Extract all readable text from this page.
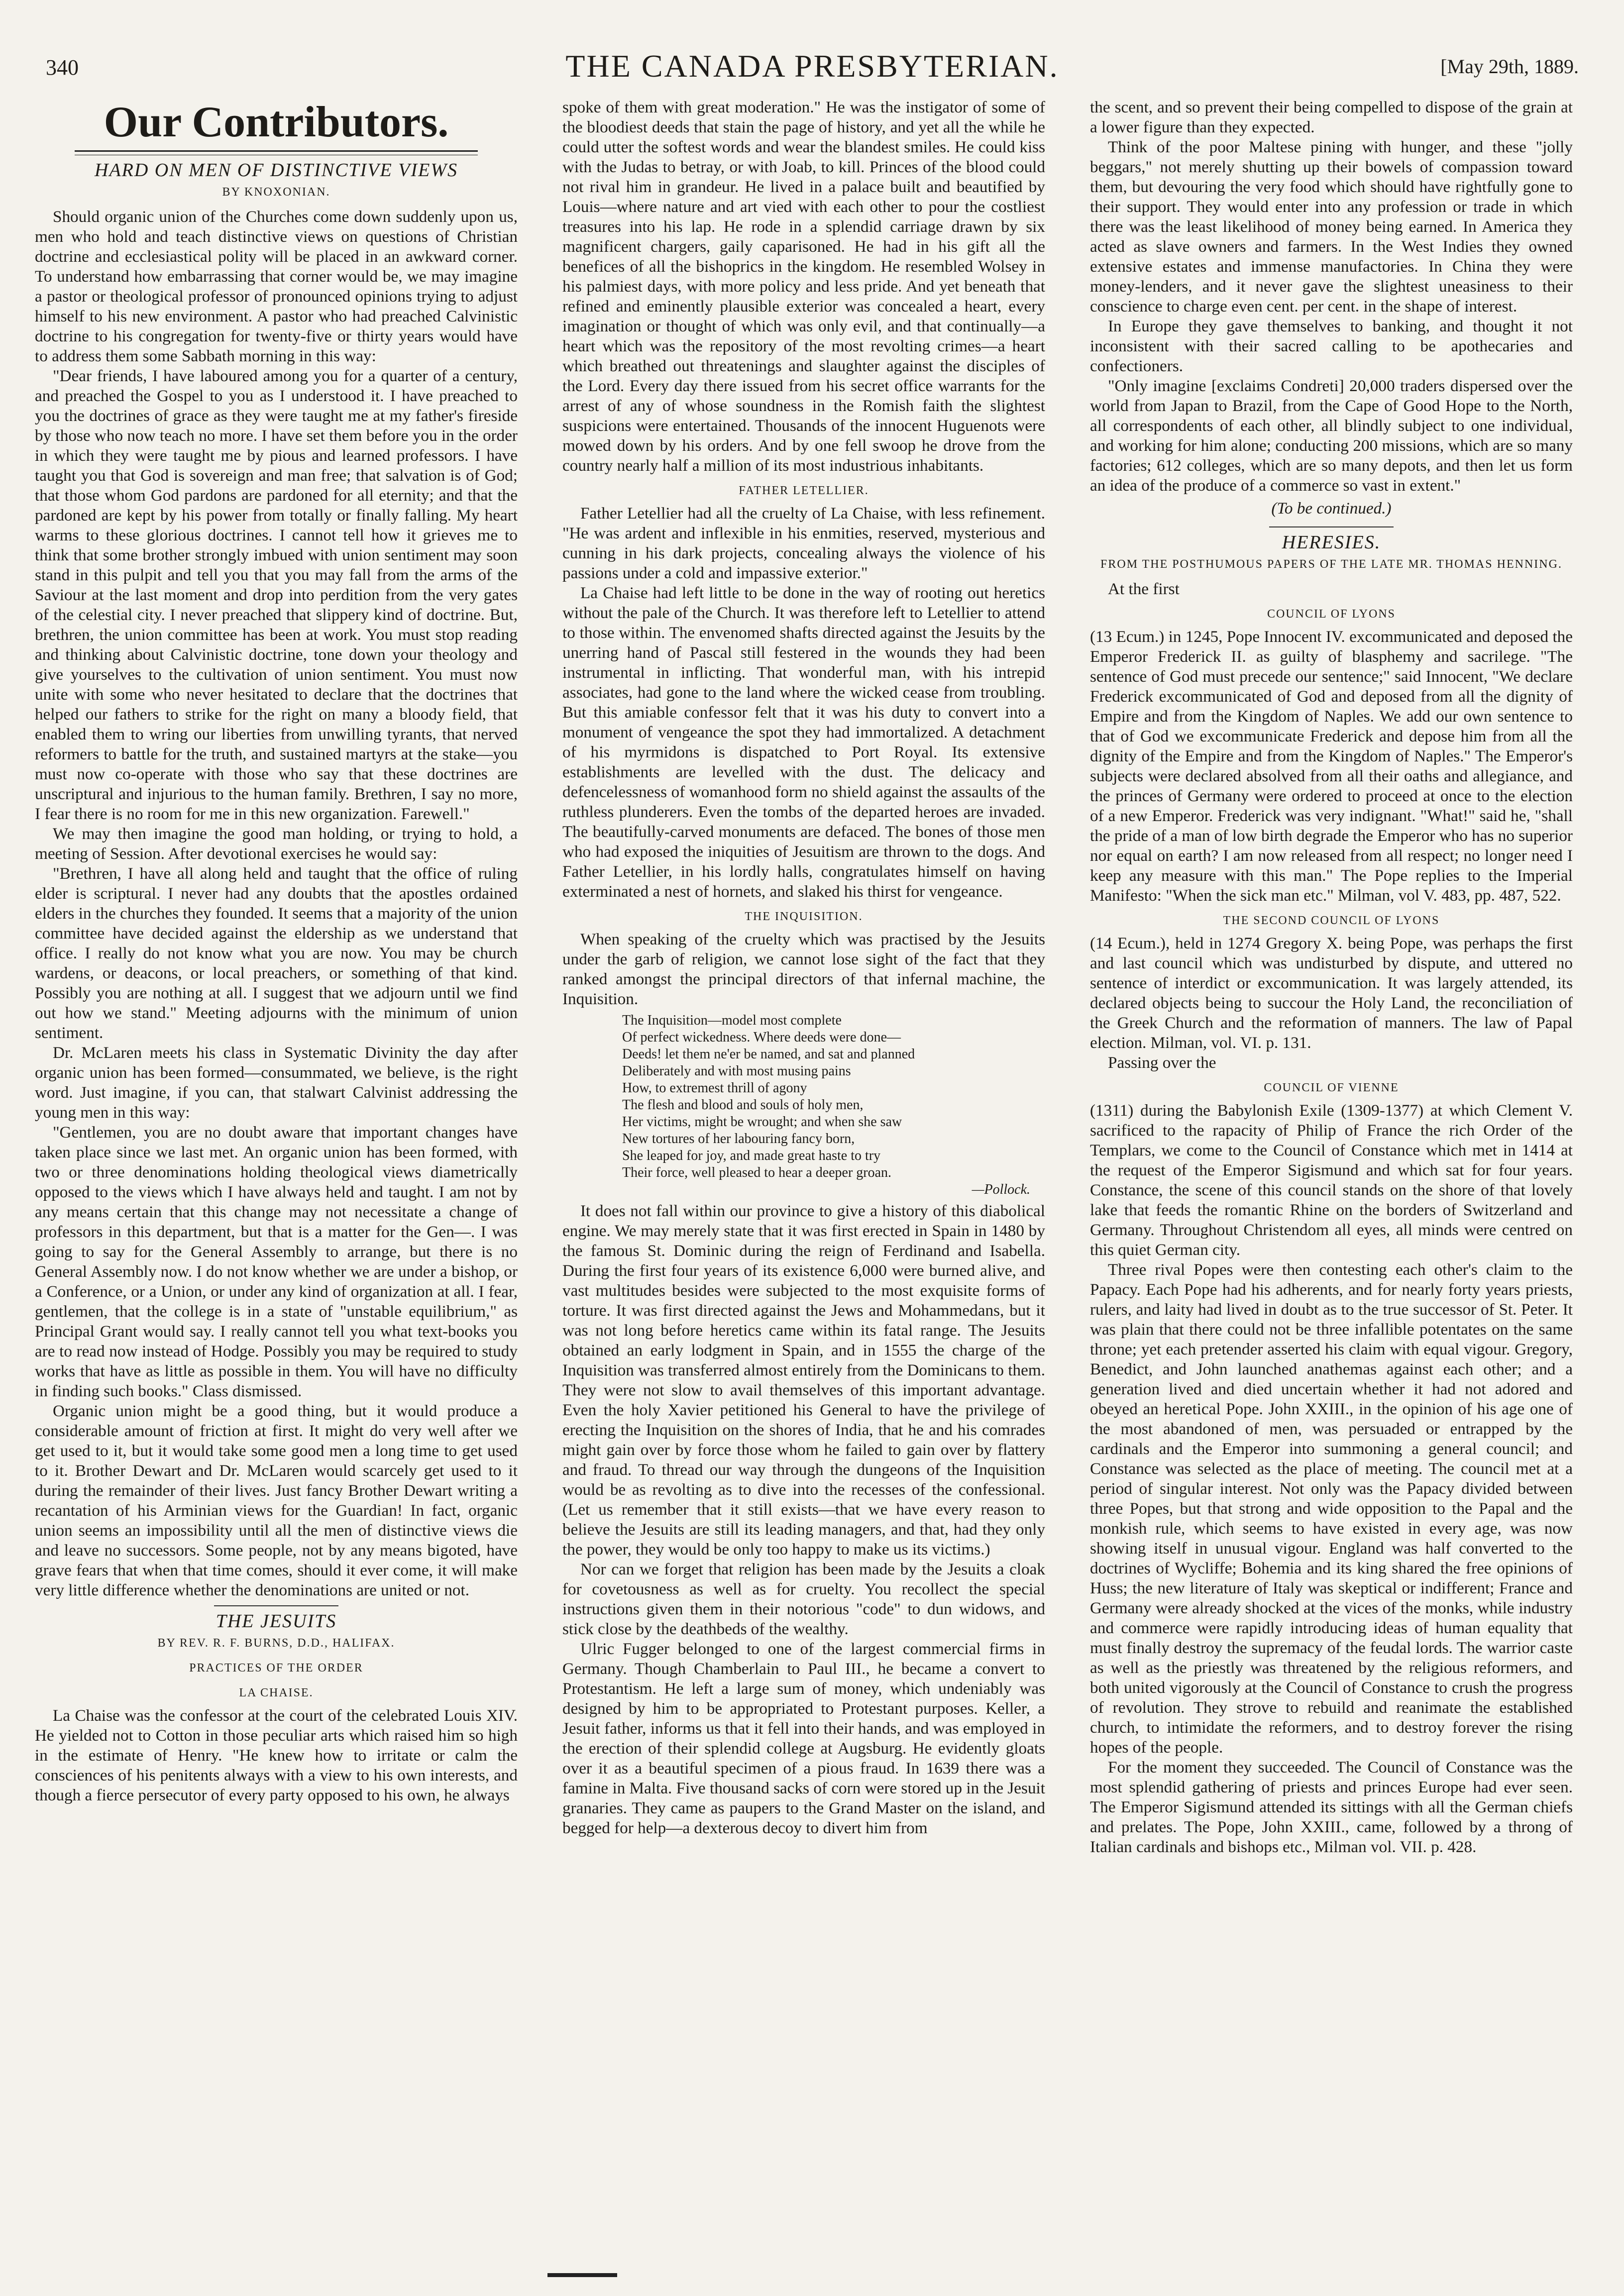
340	THE CANADA PRESBYTERIAN.	[May 29th, 1889.
Our Contributors.
HARD ON MEN OF DISTINCTIVE VIEWS
BY KNOXONIAN.

Should organic union of the Churches come down suddenly upon us, men who hold and teach distinctive views on questions of Christian doctrine and ecclesiastical polity will be placed in an awkward corner. To understand how embarrassing that corner would be, we may imagine a pastor or theological professor of pronounced opinions trying to adjust himself to his new environment. A pastor who had preached Calvinistic doctrine to his congregation for twenty-five or thirty years would have to address them some Sabbath morning in this way:

"Dear friends, I have laboured among you for a quarter of a century, and preached the Gospel to you as I understood it. I have preached to you the doctrines of grace as they were taught me at my father's fireside by those who now teach no more. I have set them before you in the order in which they were taught me by pious and learned professors. I have taught you that God is sovereign and man free; that salvation is of God; that those whom God pardons are pardoned for all eternity; and that the pardoned are kept by his power from totally or finally falling. My heart warms to these glorious doctrines. I cannot tell how it grieves me to think that some brother strongly imbued with union sentiment may soon stand in this pulpit and tell you that you may fall from the arms of the Saviour at the last moment and drop into perdition from the very gates of the celestial city. I never preached that slippery kind of doctrine. But, brethren, the union committee has been at work. You must stop reading and thinking about Calvinistic doctrine, tone down your theology and give yourselves to the cultivation of union sentiment. You must now unite with some who never hesitated to declare that the doctrines that helped our fathers to strike for the right on many a bloody field, that enabled them to wring our liberties from unwilling tyrants, that nerved reformers to battle for the truth, and sustained martyrs at the stake—you must now co-operate with those who say that these doctrines are unscriptural and injurious to the human family. Brethren, I say no more, I fear there is no room for me in this new organization. Farewell."

We may then imagine the good man holding, or trying to hold, a meeting of Session. After devotional exercises he would say:

"Brethren, I have all along held and taught that the office of ruling elder is scriptural. I never had any doubts that the apostles ordained elders in the churches they founded. It seems that a majority of the union committee have decided against the eldership as we understand that office. I really do not know what you are now. You may be church wardens, or deacons, or local preachers, or something of that kind. Possibly you are nothing at all. I suggest that we adjourn until we find out how we stand." Meeting adjourns with the minimum of union sentiment.

Dr. McLaren meets his class in Systematic Divinity the day after organic union has been formed—consummated, we believe, is the right word. Just imagine, if you can, that stalwart Calvinist addressing the young men in this way:

"Gentlemen, you are no doubt aware that important changes have taken place since we last met. An organic union has been formed, with two or three denominations holding theological views diametrically opposed to the views which I have always held and taught. I am not by any means certain that this change may not necessitate a change of professors in this department, but that is a matter for the Gen—. I was going to say for the General Assembly to arrange, but there is no General Assembly now. I do not know whether we are under a bishop, or a Conference, or a Union, or under any kind of organization at all. I fear, gentlemen, that the college is in a state of "unstable equilibrium," as Principal Grant would say. I really cannot tell you what text-books you are to read now instead of Hodge. Possibly you may be required to study works that have as little as possible in them. You will have no difficulty in finding such books." Class dismissed.

Organic union might be a good thing, but it would produce a considerable amount of friction at first. It might do very well after we get used to it, but it would take some good men a long time to get used to it. Brother Dewart and Dr. McLaren would scarcely get used to it during the remainder of their lives. Just fancy Brother Dewart writing a recantation of his Arminian views for the Guardian! In fact, organic union seems an impossibility until all the men of distinctive views die and leave no successors. Some people, not by any means bigoted, have grave fears that when that time comes, should it ever come, it will make very little difference whether the denominations are united or not.

THE JESUITS
BY REV. R. F. BURNS, D.D., HALIFAX.
PRACTICES OF THE ORDER
LA CHAISE.

La Chaise was the confessor at the court of the celebrated Louis XIV. He yielded not to Cotton in those peculiar arts which raised him so high in the estimate of Henry. "He knew how to irritate or calm the consciences of his penitents always with a view to his own interests, and though a fierce persecutor of every party opposed to his own, he always

spoke of them with great moderation." He was the instigator of some of the bloodiest deeds that stain the page of history, and yet all the while he could utter the softest words and wear the blandest smiles. He could kiss with the Judas to betray, or with Joab, to kill. Princes of the blood could not rival him in grandeur. He lived in a palace built and beautified by Louis—where nature and art vied with each other to pour the costliest treasures into his lap. He rode in a splendid carriage drawn by six magnificent chargers, gaily caparisoned. He had in his gift all the benefices of all the bishoprics in the kingdom. He resembled Wolsey in his palmiest days, with more policy and less pride. And yet beneath that refined and eminently plausible exterior was concealed a heart, every imagination or thought of which was only evil, and that continually—a heart which was the repository of the most revolting crimes—a heart which breathed out threatenings and slaughter against the disciples of the Lord. Every day there issued from his secret office warrants for the arrest of any of whose soundness in the Romish faith the slightest suspicions were entertained. Thousands of the innocent Huguenots were mowed down by his orders. And by one fell swoop he drove from the country nearly half a million of its most industrious inhabitants.

FATHER LETELLIER.

Father Letellier had all the cruelty of La Chaise, with less refinement. "He was ardent and inflexible in his enmities, reserved, mysterious and cunning in his dark projects, concealing always the violence of his passions under a cold and impassive exterior."

La Chaise had left little to be done in the way of rooting out heretics without the pale of the Church. It was therefore left to Letellier to attend to those within. The envenomed shafts directed against the Jesuits by the unerring hand of Pascal still festered in the wounds they had been instrumental in inflicting. That wonderful man, with his intrepid associates, had gone to the land where the wicked cease from troubling. But this amiable confessor felt that it was his duty to convert into a monument of vengeance the spot they had immortalized. A detachment of his myrmidons is dispatched to Port Royal. Its extensive establishments are levelled with the dust. The delicacy and defencelessness of womanhood form no shield against the assaults of the ruthless plunderers. Even the tombs of the departed heroes are invaded. The beautifully-carved monuments are defaced. The bones of those men who had exposed the iniquities of Jesuitism are thrown to the dogs. And Father Letellier, in his lordly halls, congratulates himself on having exterminated a nest of hornets, and slaked his thirst for vengeance.

THE INQUISITION.

When speaking of the cruelty which was practised by the Jesuits under the garb of religion, we cannot lose sight of the fact that they ranked amongst the principal directors of that infernal machine, the Inquisition.

The Inquisition—model most complete
Of perfect wickedness. Where deeds were done—
Deeds! let them ne'er be named, and sat and planned
Deliberately and with most musing pains
How, to extremest thrill of agony
The flesh and blood and souls of holy men,
Her victims, might be wrought; and when she saw
New tortures of her labouring fancy born,
She leaped for joy, and made great haste to try
Their force, well pleased to hear a deeper groan.
—Pollock.

It does not fall within our province to give a history of this diabolical engine. We may merely state that it was first erected in Spain in 1480 by the famous St. Dominic during the reign of Ferdinand and Isabella. During the first four years of its existence 6,000 were burned alive, and vast multitudes besides were subjected to the most exquisite forms of torture. It was first directed against the Jews and Mohammedans, but it was not long before heretics came within its fatal range. The Jesuits obtained an early lodgment in Spain, and in 1555 the charge of the Inquisition was transferred almost entirely from the Dominicans to them. They were not slow to avail themselves of this important advantage. Even the holy Xavier petitioned his General to have the privilege of erecting the Inquisition on the shores of India, that he and his comrades might gain over by force those whom he failed to gain over by flattery and fraud. To thread our way through the dungeons of the Inquisition would be as revolting as to dive into the recesses of the confessional. (Let us remember that it still exists—that we have every reason to believe the Jesuits are still its leading managers, and that, had they only the power, they would be only too happy to make us its victims.)

Nor can we forget that religion has been made by the Jesuits a cloak for covetousness as well as for cruelty. You recollect the special instructions given them in their notorious "code" to dun widows, and stick close by the deathbeds of the wealthy.

Ulric Fugger belonged to one of the largest commercial firms in Germany. Though Chamberlain to Paul III., he became a convert to Protestantism. He left a large sum of money, which undeniably was designed by him to be appropriated to Protestant purposes. Keller, a Jesuit father, informs us that it fell into their hands, and was employed in the erection of their splendid college at Augsburg. He evidently gloats over it as a beautiful specimen of a pious fraud. In 1639 there was a famine in Malta. Five thousand sacks of corn were stored up in the Jesuit granaries. They came as paupers to the Grand Master on the island, and begged for help—a dexterous decoy to divert him from

the scent, and so prevent their being compelled to dispose of the grain at a lower figure than they expected.

Think of the poor Maltese pining with hunger, and these "jolly beggars," not merely shutting up their bowels of compassion toward them, but devouring the very food which should have rightfully gone to their support. They would enter into any profession or trade in which there was the least likelihood of money being earned. In America they acted as slave owners and farmers. In the West Indies they owned extensive estates and immense manufactories. In China they were money-lenders, and it never gave the slightest uneasiness to their conscience to charge even cent. per cent. in the shape of interest.

In Europe they gave themselves to banking, and thought it not inconsistent with their sacred calling to be apothecaries and confectioners.

"Only imagine [exclaims Condreti] 20,000 traders dispersed over the world from Japan to Brazil, from the Cape of Good Hope to the North, all correspondents of each other, all blindly subject to one individual, and working for him alone; conducting 200 missions, which are so many factories; 612 colleges, which are so many depots, and then let us form an idea of the produce of a commerce so vast in extent."

(To be continued.)
HERESIES.
FROM THE POSTHUMOUS PAPERS OF THE LATE MR. THOMAS HENNING.

At the first

COUNCIL OF LYONS

(13 Ecum.) in 1245, Pope Innocent IV. excommunicated and deposed the Emperor Frederick II. as guilty of blasphemy and sacrilege. "The sentence of God must precede our sentence;" said Innocent, "We declare Frederick excommunicated of God and deposed from all the dignity of Empire and from the Kingdom of Naples. We add our own sentence to that of God we excommunicate Frederick and depose him from all the dignity of the Empire and from the Kingdom of Naples." The Emperor's subjects were declared absolved from all their oaths and allegiance, and the princes of Germany were ordered to proceed at once to the election of a new Emperor. Frederick was very indignant. "What!" said he, "shall the pride of a man of low birth degrade the Emperor who has no superior nor equal on earth? I am now released from all respect; no longer need I keep any measure with this man." The Pope replies to the Imperial Manifesto: "When the sick man etc." Milman, vol V. 483, pp. 487, 522.

THE SECOND COUNCIL OF LYONS

(14 Ecum.), held in 1274 Gregory X. being Pope, was perhaps the first and last council which was undisturbed by dispute, and uttered no sentence of interdict or excommunication. It was largely attended, its declared objects being to succour the Holy Land, the reconciliation of the Greek Church and the reformation of manners. The law of Papal election. Milman, vol. VI. p. 131.

Passing over the

COUNCIL OF VIENNE

(1311) during the Babylonish Exile (1309-1377) at which Clement V. sacrificed to the rapacity of Philip of France the rich Order of the Templars, we come to the Council of Constance which met in 1414 at the request of the Emperor Sigismund and which sat for four years. Constance, the scene of this council stands on the shore of that lovely lake that feeds the romantic Rhine on the borders of Switzerland and Germany. Throughout Christendom all eyes, all minds were centred on this quiet German city.

Three rival Popes were then contesting each other's claim to the Papacy. Each Pope had his adherents, and for nearly forty years priests, rulers, and laity had lived in doubt as to the true successor of St. Peter. It was plain that there could not be three infallible potentates on the same throne; yet each pretender asserted his claim with equal vigour. Gregory, Benedict, and John launched anathemas against each other; and a generation lived and died uncertain whether it had not adored and obeyed an heretical Pope. John XXIII., in the opinion of his age one of the most abandoned of men, was persuaded or entrapped by the cardinals and the Emperor into summoning a general council; and Constance was selected as the place of meeting. The council met at a period of singular interest. Not only was the Papacy divided between three Popes, but that strong and wide opposition to the Papal and the monkish rule, which seems to have existed in every age, was now showing itself in unusual vigour. England was half converted to the doctrines of Wycliffe; Bohemia and its king shared the free opinions of Huss; the new literature of Italy was skeptical or indifferent; France and Germany were already shocked at the vices of the monks, while industry and commerce were rapidly introducing ideas of human equality that must finally destroy the supremacy of the feudal lords. The warrior caste as well as the priestly was threatened by the religious reformers, and both united vigorously at the Council of Constance to crush the progress of revolution. They strove to rebuild and reanimate the established church, to intimidate the reformers, and to destroy forever the rising hopes of the people.

For the moment they succeeded. The Council of Constance was the most splendid gathering of priests and princes Europe had ever seen. The Emperor Sigismund attended its sittings with all the German chiefs and prelates. The Pope, John XXIII., came, followed by a throng of Italian cardinals and bishops etc., Milman vol. VII. p. 428.
